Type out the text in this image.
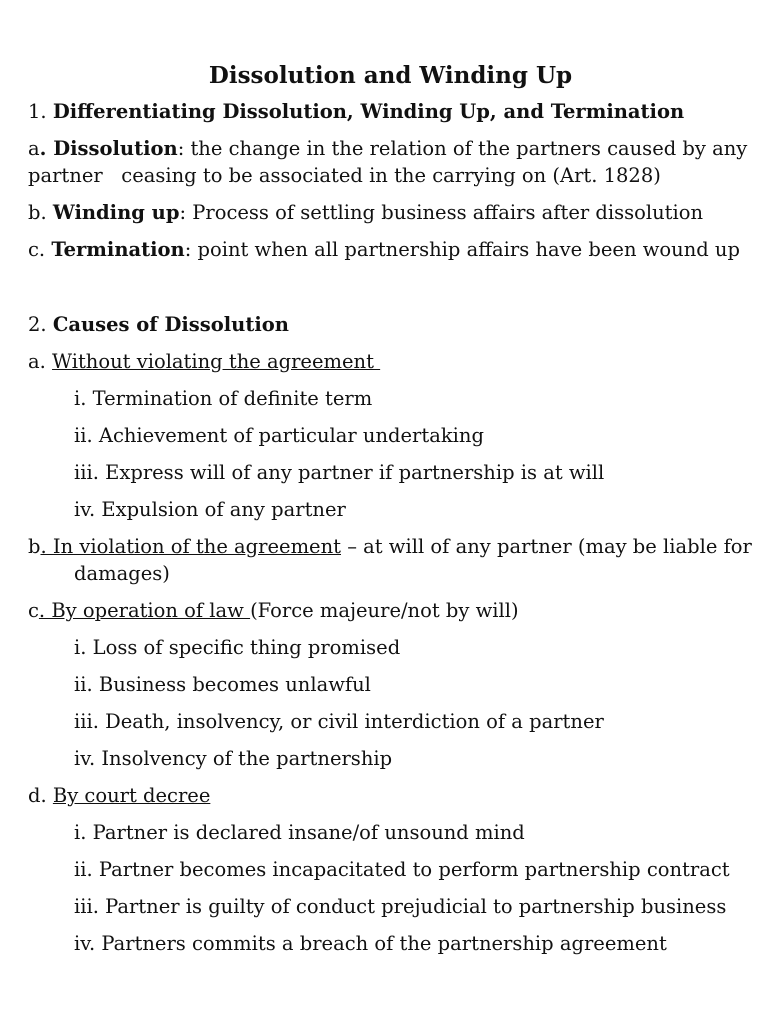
Dissolution and Winding Up
1. Differentiating Dissolution, Winding Up, and Termination
a. Dissolution: the change in the relation of the partners caused by any partner   ceasing to be associated in the carrying on (Art. 1828)
b. Winding up: Process of settling business affairs after dissolution
c. Termination: point when all partnership affairs have been wound up
2. Causes of Dissolution
a. Without violating the agreement
i. Termination of definite term
ii. Achievement of particular undertaking
iii. Express will of any partner if partnership is at will
iv. Expulsion of any partner
b. In violation of the agreement – at will of any partner (may be liable for damages)
c. By operation of law (Force majeure/not by will)
i. Loss of specific thing promised
ii. Business becomes unlawful
iii. Death, insolvency, or civil interdiction of a partner
iv. Insolvency of the partnership
d. By court decree
i. Partner is declared insane/of unsound mind
ii. Partner becomes incapacitated to perform partnership contract
iii. Partner is guilty of conduct prejudicial to partnership business
iv. Partners commits a breach of the partnership agreement
